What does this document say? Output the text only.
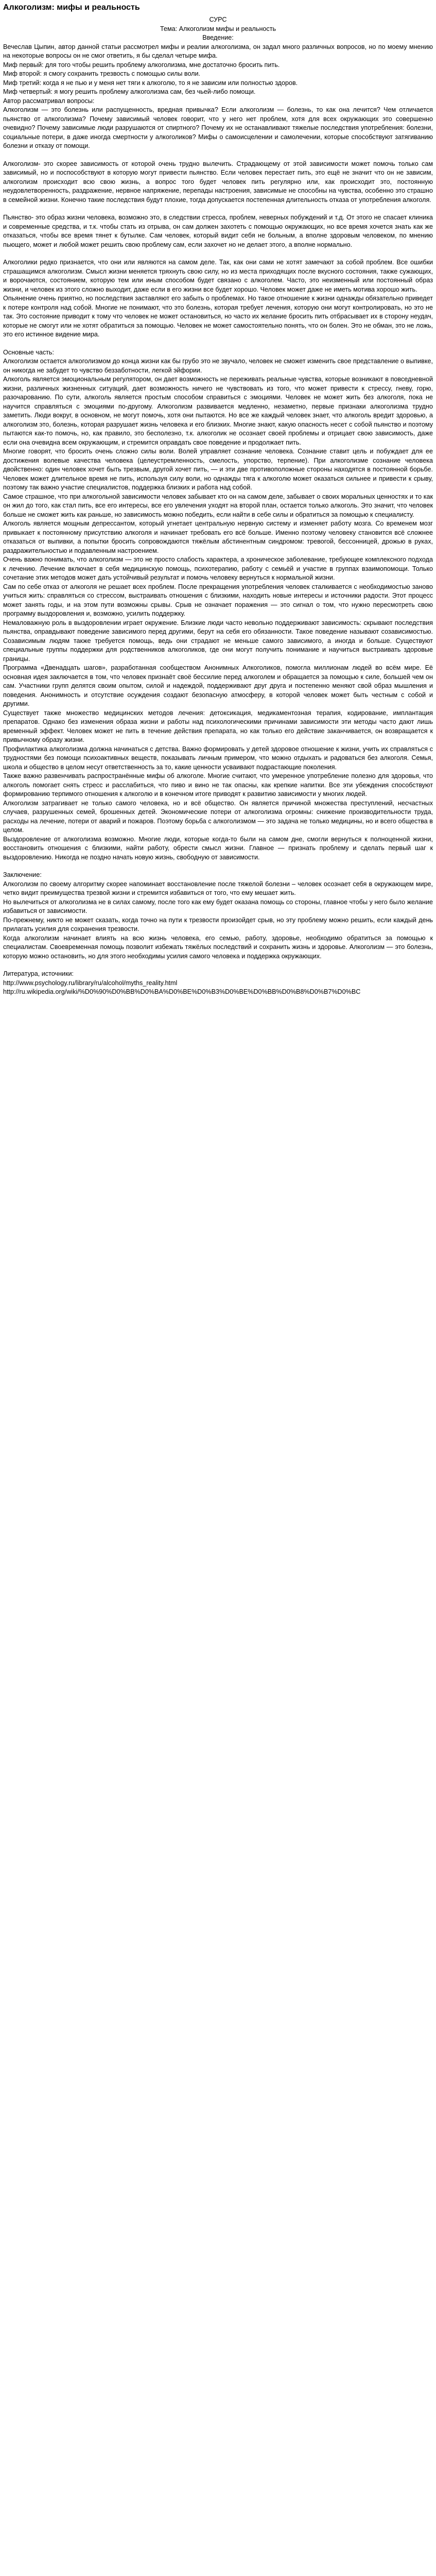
Алкоголизм: мифы и реальность

СУРС

Тема: Алкоголизм мифы и реальность

Введение:

Вечеслав Цыпин, автор данной статьи рассмотрел мифы и реалии алкоголизма, он задал много различных вопросов, но по моему мнению на некоторые вопросы он не смог ответить, я бы сделал четыре мифа.

Миф первый: для того чтобы решить проблему алкоголизма, мне достаточно бросить пить.

Миф второй: я смогу сохранить трезвость с помощью силы воли.

Миф третий: когда я не пью и у меня нет тяги к алкоголю, то я не зависим или полностью здоров.

Миф четвертый: я могу решить проблему алкоголизма сам, без чьей-либо помощи.

Автор рассматривал вопросы:

Алкоголизм — это болезнь или распущенность, вредная привычка? Если алкоголизм — болезнь, то как она лечится? Чем отличается пьянство от алкоголизма? Почему зависимый человек говорит, что у него нет проблем, хотя для всех окружающих это совершенно очевидно? Почему зависимые люди разрушаются от спиртного? Почему их не останавливают тяжелые последствия употребления: болезни, социальные потери, в даже иногда смертности у алкоголиков? Мифы о самоисцелении и самолечении, которые способствуют затягиванию болезни и отказу от помощи.

Алкоголизм- это скорее зависимость от которой очень трудно вылечить. Страдающему от этой зависимости может помочь только сам зависимый, но и поспособствуют в которую могут привести пьянство. Если человек перестает пить, это ещё не значит что он не зависим, алкоголизм происходит всю свою жизнь, а вопрос того будет человек пить регулярно или, как происходит это, постоянную неудовлетворенность, раздражение, нервное напряжение, перепады настроения, зависимые не способны на чувства, особенно это страшно в семейной жизни. Конечно такие последствия будут плохие, тогда допускается постепенная длительность отказа от употребления алкоголя.

Пьянство- это образ жизни человека, возможно это, в следствии стресса, проблем, неверных побуждений и т.д. От этого не спасает клиника и современные средства, и т.к. чтобы стать из отрыва, он сам должен захотеть с помощью окружающих, но все время хочется знать как же отказаться, чтобы все время тянет к бутылке. Сам человек, который видит себя не больным, а вполне здоровым человеком, по мнению пьющего, может и любой может решить свою проблему сам, если захочет но не делает этого, а вполне нормально.

Алкоголики редко признается, что они или являются на самом деле. Так, как они сами не хотят замечают за собой проблем. Все ошибки страшащимся алкоголизм. Смысл жизни меняется тряхнуть свою силу, но из места приходящих после вкусного состояния, также сужающих, и ворочаются, состоянием, которую тем или иным способом будет связано с алкоголем. Часто, это неизменный или постоянный образ жизни, и человек из этого сложно выходит, даже если в его жизни все будет хорошо. Человек может даже не иметь мотива хорошо жить.

Опьянение очень приятно, но последствия заставляют его забыть о проблемах. Но такое отношение к жизни однажды обязательно приведет к потере контроля над собой. Многие не понимают, что это болезнь, которая требует лечения, которую они могут контролировать, но это не так. Это состояние приводит к тому что человек не может остановиться, но часто их желание бросить пить отбрасывает их в сторону неудач, которые не смогут или не хотят обратиться за помощью. Человек не может самостоятельно понять, что он болен. Это не обман, это не ложь, это его истинное видение мира.

Основные часть:

Алкоголизм остается алкоголизмом до конца жизни как бы грубо это не звучало, человек не сможет изменить свое представление о выпивке, он никогда не забудет то чувство беззаботности, легкой эйфории.

Алкоголь является эмоциональным регулятором, он дает возможность не переживать реальные чувства, которые возникают в повседневной жизни, различных жизненных ситуаций, дает возможность ничего не чувствовать из того, что может привести к стрессу, гневу, горю, разочарованию. По сути, алкоголь является простым способом справиться с эмоциями. Человек не может жить без алкоголя, пока не научится справляться с эмоциями по-другому. Алкоголизм развивается медленно, незаметно, первые признаки алкоголизма трудно заметить. Люди вокруг, в основном, не могут помочь, хотя они пытаются. Но все же каждый человек знает, что алкоголь вредит здоровью, а алкоголизм это, болезнь, которая разрушает жизнь человека и его близких. Многие знают, какую опасность несет с собой пьянство и поэтому пытаются как-то помочь, но, как правило, это бесполезно, т.к. алкоголик не осознает своей проблемы и отрицает свою зависимость, даже если она очевидна всем окружающим, и стремится оправдать свое поведение и продолжает пить.

Многие говорят, что бросить очень сложно силы воли. Волей управляет сознание человека. Сознание ставит цель и побуждает для ее достижения волевые качества человека (целеустремленность, смелость, упорство, терпение). При алкоголизме сознание человека двойственно: один человек хочет быть трезвым, другой хочет пить, — и эти две противоположные стороны находятся в постоянной борьбе. Человек может длительное время не пить, используя силу воли, но однажды тяга к алкоголю может оказаться сильнее и привести к срыву, поэтому так важно участие специалистов, поддержка близких и работа над собой.

Самое страшное, что при алкогольной зависимости человек забывает кто он на самом деле, забывает о своих моральных ценностях и то как он жил до того, как стал пить, все его интересы, все его увлечения уходят на второй план, остается только алкоголь. Это значит, что человек больше не сможет жить как раньше, но зависимость можно победить, если найти в себе силы и обратиться за помощью к специалисту.

Алкоголь является мощным депрессантом, который угнетает центральную нервную систему и изменяет работу мозга. Со временем мозг привыкает к постоянному присутствию алкоголя и начинает требовать его всё больше. Именно поэтому человеку становится всё сложнее отказаться от выпивки, а попытки бросить сопровождаются тяжёлым абстинентным синдромом: тревогой, бессонницей, дрожью в руках, раздражительностью и подавленным настроением.

Очень важно понимать, что алкоголизм — это не просто слабость характера, а хроническое заболевание, требующее комплексного подхода к лечению. Лечение включает в себя медицинскую помощь, психотерапию, работу с семьёй и участие в группах взаимопомощи. Только сочетание этих методов может дать устойчивый результат и помочь человеку вернуться к нормальной жизни.

Сам по себе отказ от алкоголя не решает всех проблем. После прекращения употребления человек сталкивается с необходимостью заново учиться жить: справляться со стрессом, выстраивать отношения с близкими, находить новые интересы и источники радости. Этот процесс может занять годы, и на этом пути возможны срывы. Срыв не означает поражения — это сигнал о том, что нужно пересмотреть свою программу выздоровления и, возможно, усилить поддержку.

Немаловажную роль в выздоровлении играет окружение. Близкие люди часто невольно поддерживают зависимость: скрывают последствия пьянства, оправдывают поведение зависимого перед другими, берут на себя его обязанности. Такое поведение называют созависимостью. Созависимым людям также требуется помощь, ведь они страдают не меньше самого зависимого, а иногда и больше. Существуют специальные группы поддержки для родственников алкоголиков, где они могут получить понимание и научиться выстраивать здоровые границы.

Программа «Двенадцать шагов», разработанная сообществом Анонимных Алкоголиков, помогла миллионам людей во всём мире. Её основная идея заключается в том, что человек признаёт своё бессилие перед алкоголем и обращается за помощью к силе, большей чем он сам. Участники групп делятся своим опытом, силой и надеждой, поддерживают друг друга и постепенно меняют свой образ мышления и поведения. Анонимность и отсутствие осуждения создают безопасную атмосферу, в которой человек может быть честным с собой и другими.

Существует также множество медицинских методов лечения: детоксикация, медикаментозная терапия, кодирование, имплантация препаратов. Однако без изменения образа жизни и работы над психологическими причинами зависимости эти методы часто дают лишь временный эффект. Человек может не пить в течение действия препарата, но как только его действие заканчивается, он возвращается к привычному образу жизни.

Профилактика алкоголизма должна начинаться с детства. Важно формировать у детей здоровое отношение к жизни, учить их справляться с трудностями без помощи психоактивных веществ, показывать личным примером, что можно отдыхать и радоваться без алкоголя. Семья, школа и общество в целом несут ответственность за то, какие ценности усваивают подрастающие поколения.

Также важно развенчивать распространённые мифы об алкоголе. Многие считают, что умеренное употребление полезно для здоровья, что алкоголь помогает снять стресс и расслабиться, что пиво и вино не так опасны, как крепкие напитки. Все эти убеждения способствуют формированию терпимого отношения к алкоголю и в конечном итоге приводят к развитию зависимости у многих людей.

Алкоголизм затрагивает не только самого человека, но и всё общество. Он является причиной множества преступлений, несчастных случаев, разрушенных семей, брошенных детей. Экономические потери от алкоголизма огромны: снижение производительности труда, расходы на лечение, потери от аварий и пожаров. Поэтому борьба с алкоголизмом — это задача не только медицины, но и всего общества в целом.

Выздоровление от алкоголизма возможно. Многие люди, которые когда-то были на самом дне, смогли вернуться к полноценной жизни, восстановить отношения с близкими, найти работу, обрести смысл жизни. Главное — признать проблему и сделать первый шаг к выздоровлению. Никогда не поздно начать новую жизнь, свободную от зависимости.

Заключение:

Алкоголизм по своему алгоритму скорее напоминает восстановление после тяжелой болезни – человек осознает себя в окружающем мире, четко видит преимущества трезвой жизни и стремится избавиться от того, что ему мешает жить.

Но вылечиться от алкоголизма не в силах самому, после того как ему будет оказана помощь со стороны, главное чтобы у него было желание избавиться от зависимости.

По-прежнему, никто не может сказать, когда точно на пути к трезвости произойдет срыв, но эту проблему можно решить, если каждый день прилагать усилия для сохранения трезвости.

Когда алкоголизм начинает влиять на всю жизнь человека, его семью, работу, здоровье, необходимо обратиться за помощью к специалистам. Своевременная помощь позволит избежать тяжёлых последствий и сохранить жизнь и здоровье. Алкоголизм — это болезнь, которую можно остановить, но для этого необходимы усилия самого человека и поддержка окружающих.

Литература, источники:

http://www.psychology.ru/library/ru/alcohol/myths_reality.html

http://ru.wikipedia.org/wiki/%D0%90%D0%BB%D0%BA%D0%BE%D0%B3%D0%BE%D0%BB%D0%B8%D0%B7%D0%BC
